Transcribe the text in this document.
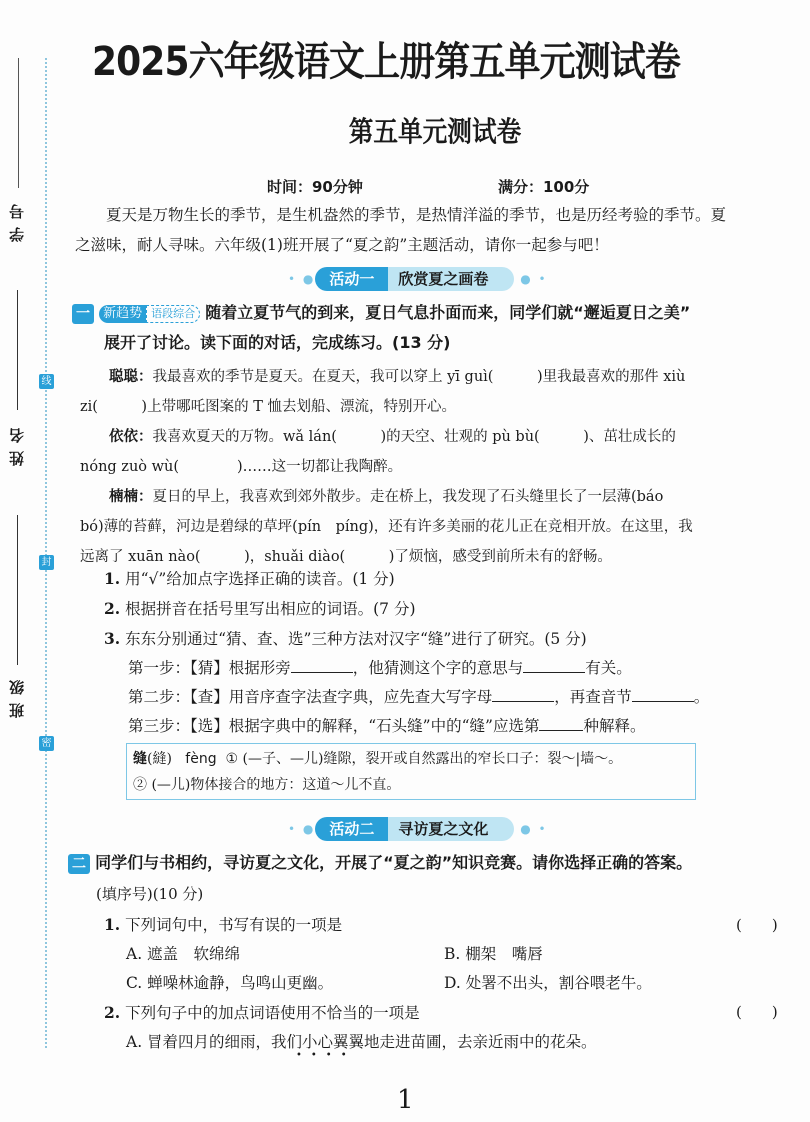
学号
姓名
班级
线
封
密
2025六年级语文上册第五单元测试卷
第五单元测试卷
时间：90分钟	满分：100分
夏天是万物生长的季节，是生机盎然的季节，是热情洋溢的季节，也是历经考验的季节。夏
之滋味，耐人寻味。六年级(1)班开展了“夏之韵”主题活动，请你一起参与吧！
• ● 活动一	欣赏夏之画卷	● •
一 新趋势 语段综合 随着立夏节气的到来，夏日气息扑面而来，同学们就“邂逅夏日之美”
展开了讨论。读下面的对话，完成练习。(13 分)
聪聪：我最喜欢的季节是夏天。在夏天，我可以穿上 yī guì(　　　)里我最喜欢的那件 xiù
zi(　　　)上带哪吒图案的 T 恤去划船、漂流，特别开心。
依依：我喜欢夏天的万物。wǎ lán(　　　)的天空、壮观的 pù bù(　　　)、茁壮成长的
nóng zuò wù(　　　　)……这一切都让我陶醉。
楠楠：夏日的早上，我喜欢到郊外散步。走在桥上，我发现了石头缝里长了一层薄(báo
bó)薄的苔藓，河边是碧绿的草坪(pín　píng)，还有许多美丽的花儿正在竞相开放。在这里，我
远离了 xuān nào(　　　)，shuǎi diào(　　　)了烦恼，感受到前所未有的舒畅。
1. 用“√”给加点字选择正确的读音。(1 分)
2. 根据拼音在括号里写出相应的词语。(7 分)
3. 东东分别通过“猜、查、选”三种方法对汉字“缝”进行了研究。(5 分)
第一步：【猜】根据形旁	，他猜测这个字的意思与	有关。
第二步：【查】用音序查字法查字典，应先查大写字母	，再查音节	。
第三步：【选】根据字典中的解释，“石头缝”中的“缝”应选第	种解释。
缝(縫) fèng ① (—子、—儿)缝隙，裂开或自然露出的窄长口子：裂～|墙～。
② (—儿)物体接合的地方：这道～儿不直。
• ● 活动二	寻访夏之文化	● •
二 同学们与书相约，寻访夏之文化，开展了“夏之韵”知识竞赛。请你选择正确的答案。
(填序号)(10 分)
1. 下列词句中，书写有误的一项是
A. 遮盖　软绵绵	B. 棚架　嘴唇
C. 蝉噪林逾静，鸟鸣山更幽。	D. 处署不出头，割谷喂老牛。
2. 下列句子中的加点词语使用不恰当的一项是
A. 冒着四月的细雨，我们小心翼翼地走进苗圃，去亲近雨中的花朵。
••••
(　　)
(　　)
1
